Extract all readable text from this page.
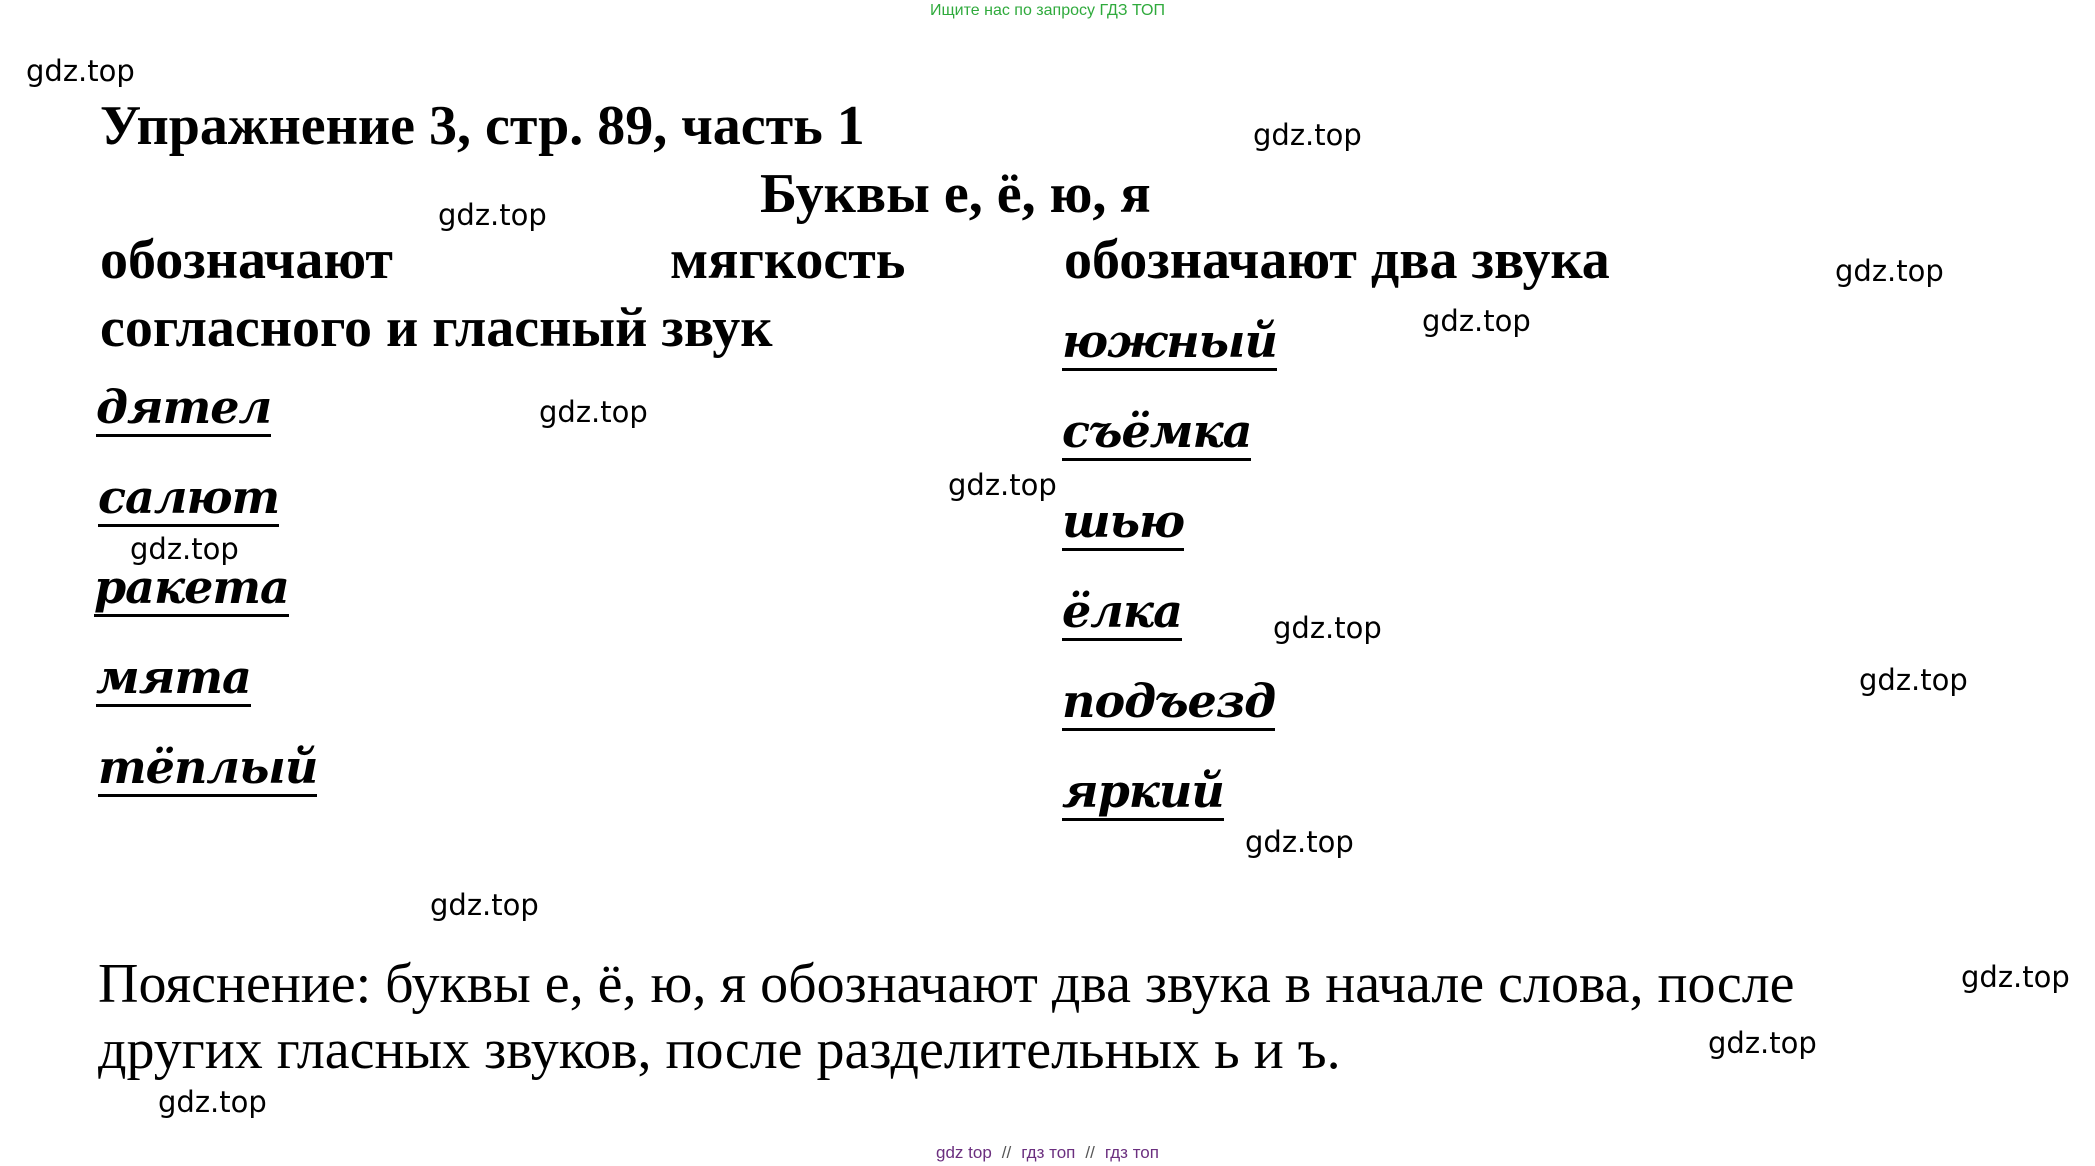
Ищите нас по запросу ГДЗ ТОП
Упражнение 3, стр. 89, часть 1
Буквы е, ё, ю, я
обозначают	мягкость
согласного и гласный звук
обозначают два звука
дятел
салют
ракета
мята
тёплый
южный
съёмка
шью
ёлка
подъезд
яркий
Пояснение: буквы е, ё, ю, я обозначают два звука в начале слова, после
других гласных звуков, после разделительных ь и ъ.
gdz.top
gdz.top
gdz.top
gdz.top
gdz.top
gdz.top
gdz.top
gdz.top
gdz.top
gdz.top
gdz.top
gdz.top
gdz.top
gdz.top
gdz.top
gdz top // гдз топ // гдз топ
